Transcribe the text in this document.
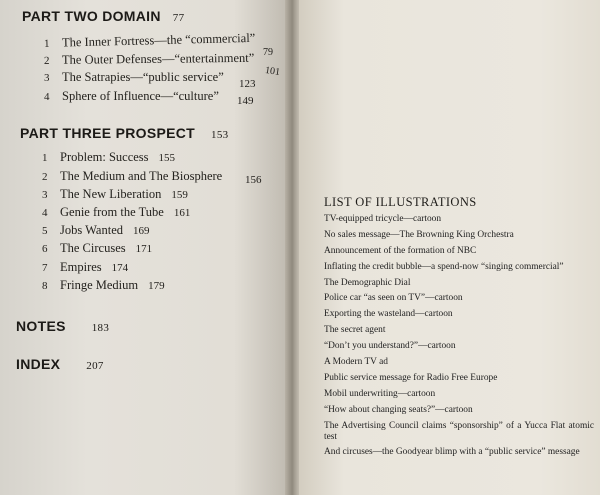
PART TWO DOMAIN 77
1 The Inner Fortress—the “commercial”
79
2 The Outer Defenses—“entertainment”
101
3 The Satrapies—“public service” 123
4 Sphere of Influence—“culture” 149
PART THREE PROSPECT 153
1 Problem: Success 155
2 The Medium and The Biosphere 156
3 The New Liberation 159
4 Genie from the Tube 161
5 Jobs Wanted 169
6 The Circuses 171
7 Empires 174
8 Fringe Medium 179
NOTES 183
INDEX 207
LIST OF ILLUSTRATIONS
TV-equipped tricycle—cartoon
No sales message—The Browning King Orchestra
Announcement of the formation of NBC
Inflating the credit bubble—a spend-now “singing commercial”
The Demographic Dial
Police car “as seen on TV”—cartoon
Exporting the wasteland—cartoon
The secret agent
“Don’t you understand?”—cartoon
A Modern TV ad
Public service message for Radio Free Europe
Mobil underwriting—cartoon
“How about changing seats?”—cartoon
The Advertising Council claims “sponsorship” of a Yucca Flat atomic test
And circuses—the Goodyear blimp with a “public service” message
